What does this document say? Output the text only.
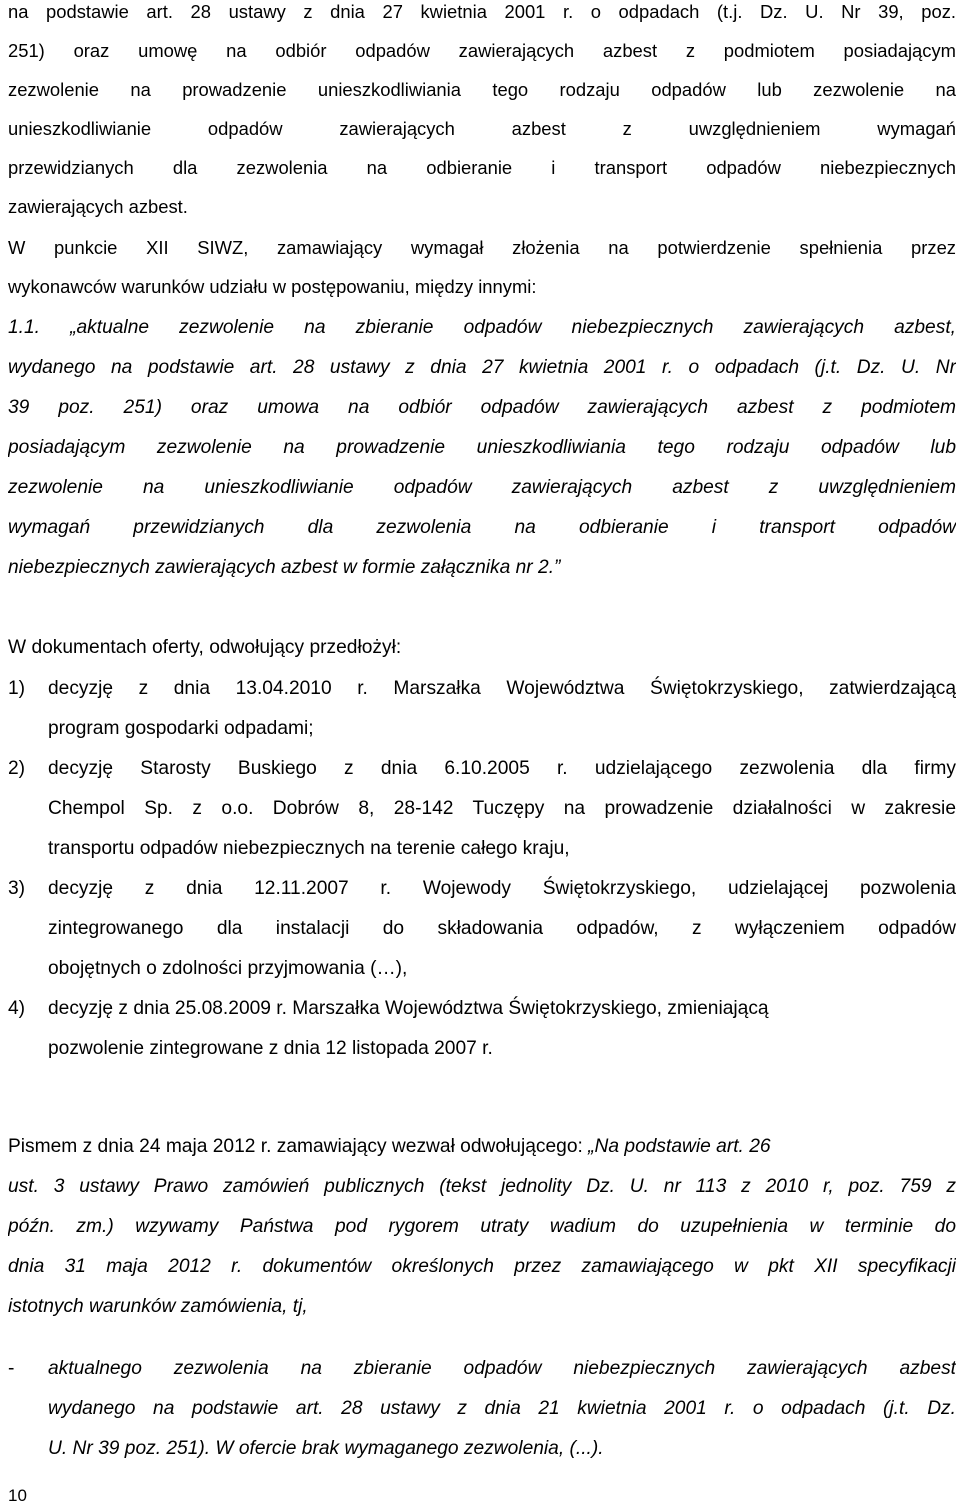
na podstawie art. 28 ustawy z dnia 27 kwietnia 2001 r. o odpadach (t.j. Dz. U. Nr 39, poz.
251) oraz umowę na odbiór odpadów zawierających azbest z podmiotem posiadającym
zezwolenie na prowadzenie unieszkodliwiania tego rodzaju odpadów lub zezwolenie na
unieszkodliwianie odpadów zawierających azbest z uwzględnieniem wymagań
przewidzianych dla zezwolenia na odbieranie i transport odpadów niebezpiecznych
zawierających azbest.
W punkcie XII SIWZ, zamawiający wymagał złożenia na potwierdzenie spełnienia przez
wykonawców warunków udziału w postępowaniu, między innymi:
1.1. „aktualne zezwolenie na zbieranie odpadów niebezpiecznych zawierających azbest,
wydanego na podstawie art. 28 ustawy z dnia 27 kwietnia 2001 r. o odpadach (j.t. Dz. U. Nr
39 poz. 251) oraz umowa na odbiór odpadów zawierających azbest z podmiotem
posiadającym zezwolenie na prowadzenie unieszkodliwiania tego rodzaju odpadów lub
zezwolenie na unieszkodliwianie odpadów zawierających azbest z uwzględnieniem
wymagań przewidzianych dla zezwolenia na odbieranie i transport odpadów
niebezpiecznych zawierających azbest w formie załącznika nr 2.”
W dokumentach oferty, odwołujący przedłożył:
1) decyzję z dnia 13.04.2010 r. Marszałka Województwa Świętokrzyskiego, zatwierdzającą
program gospodarki odpadami;
2) decyzję Starosty Buskiego z dnia 6.10.2005 r. udzielającego zezwolenia dla firmy
Chempol Sp. z o.o. Dobrów 8, 28-142 Tuczępy na prowadzenie działalności w zakresie
transportu odpadów niebezpiecznych na terenie całego kraju,
3) decyzję z dnia 12.11.2007 r. Wojewody Świętokrzyskiego, udzielającej pozwolenia
zintegrowanego dla instalacji do składowania odpadów, z wyłączeniem odpadów
obojętnych o zdolności przyjmowania (…),
4) decyzję z dnia 25.08.2009 r. Marszałka Województwa Świętokrzyskiego, zmieniającą
pozwolenie zintegrowane z dnia 12 listopada 2007 r.
Pismem z dnia 24 maja 2012 r. zamawiający wezwał odwołującego: „Na podstawie art. 26
ust. 3 ustawy Prawo zamówień publicznych (tekst jednolity Dz. U. nr 113 z 2010 r, poz. 759 z
późn. zm.) wzywamy Państwa pod rygorem utraty wadium do uzupełnienia w terminie do
dnia 31 maja 2012 r. dokumentów określonych przez zamawiającego w pkt XII specyfikacji
istotnych warunków zamówienia, tj,
- aktualnego zezwolenia na zbieranie odpadów niebezpiecznych zawierających azbest
wydanego na podstawie art. 28 ustawy z dnia 21 kwietnia 2001 r. o odpadach (j.t. Dz.
U. Nr 39 poz. 251). W ofercie brak wymaganego zezwolenia, (...).
10
